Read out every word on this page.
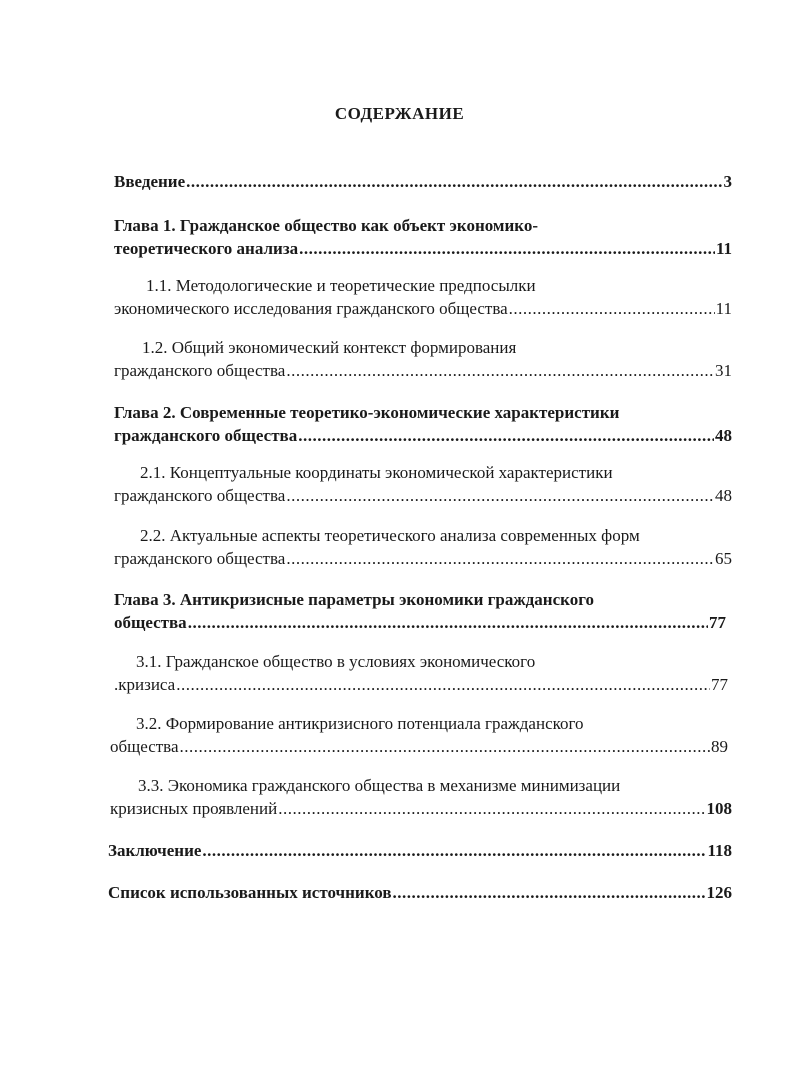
СОДЕРЖАНИЕ
Введение .....	3
Глава 1. Гражданское общество как объект экономико-
теоретического анализа .....	11
1.1. Методологические и теоретические предпосылки
экономического исследования гражданского общества .....	11
1.2. Общий экономический контекст формирования
гражданского общества .....	31
Глава 2. Современные теоретико-экономические характеристики
гражданского общества .....	48
2.1. Концептуальные координаты экономической характеристики
гражданского общества .....	48
2.2. Актуальные аспекты теоретического анализа современных форм
гражданского общества .....	65
Глава 3. Антикризисные параметры экономики гражданского
общества .....	77
3.1. Гражданское общество в условиях экономического
.кризиса .....	77
3.2. Формирование антикризисного потенциала гражданского
общества .....	89
3.3. Экономика гражданского общества в механизме минимизации
кризисных проявлений .....	108
Заключение .....	118
Список использованных источников .....	126
